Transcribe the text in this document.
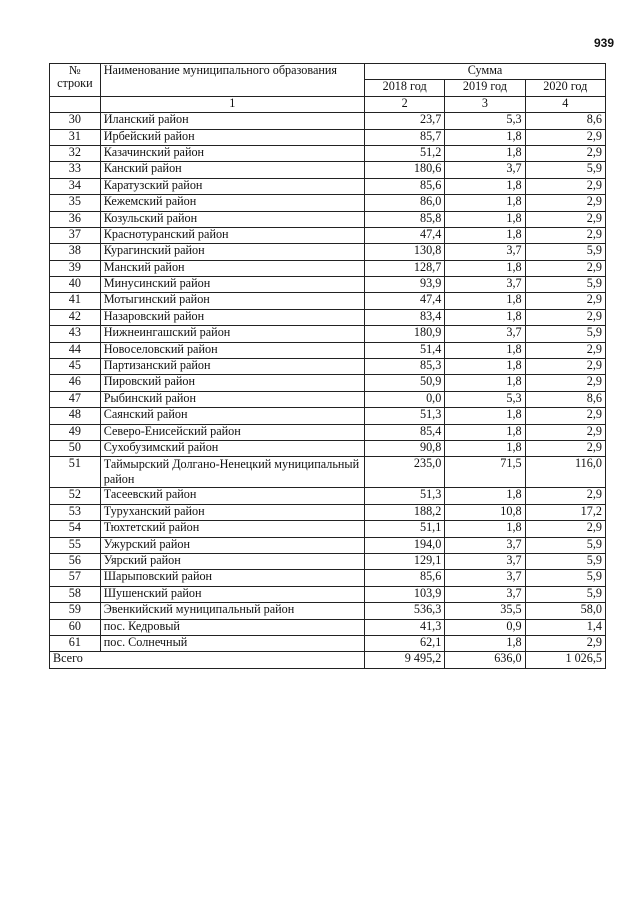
939
№ строки	Наименование муниципального образования	Сумма		
		2018 год	2019 год	2020 год
	1	2	3	4
30	Иланский район	23,7	5,3	8,6
31	Ирбейский район	85,7	1,8	2,9
32	Казачинский район	51,2	1,8	2,9
33	Канский район	180,6	3,7	5,9
34	Каратузский район	85,6	1,8	2,9
35	Кежемский район	86,0	1,8	2,9
36	Козульский район	85,8	1,8	2,9
37	Краснотуранский район	47,4	1,8	2,9
38	Курагинский район	130,8	3,7	5,9
39	Манский район	128,7	1,8	2,9
40	Минусинский район	93,9	3,7	5,9
41	Мотыгинский район	47,4	1,8	2,9
42	Назаровский район	83,4	1,8	2,9
43	Нижнеингашский район	180,9	3,7	5,9
44	Новоселовский район	51,4	1,8	2,9
45	Партизанский район	85,3	1,8	2,9
46	Пировский район	50,9	1,8	2,9
47	Рыбинский район	0,0	5,3	8,6
48	Саянский район	51,3	1,8	2,9
49	Северо-Енисейский район	85,4	1,8	2,9
50	Сухобузимский район	90,8	1,8	2,9
51	Таймырский Долгано-Ненецкий муниципальный район	235,0	71,5	116,0
52	Тасеевский район	51,3	1,8	2,9
53	Туруханский район	188,2	10,8	17,2
54	Тюхтетский район	51,1	1,8	2,9
55	Ужурский район	194,0	3,7	5,9
56	Уярский район	129,1	3,7	5,9
57	Шарыповский район	85,6	3,7	5,9
58	Шушенский район	103,9	3,7	5,9
59	Эвенкийский муниципальный район	536,3	35,5	58,0
60	пос. Кедровый	41,3	0,9	1,4
61	пос. Солнечный	62,1	1,8	2,9
Всего		9 495,2	636,0	1 026,5
